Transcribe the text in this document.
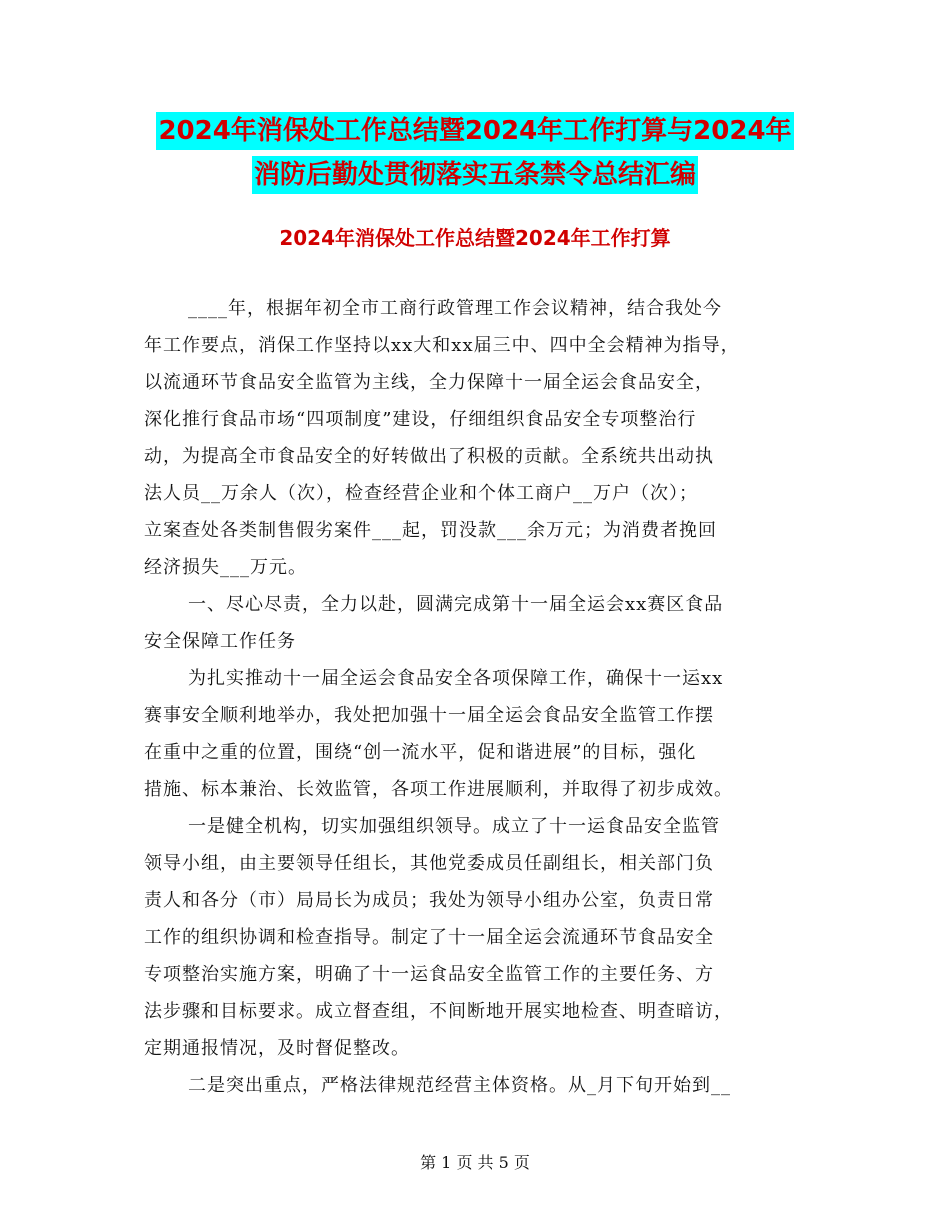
2024年消保处工作总结暨2024年工作打算与2024年
消防后勤处贯彻落实五条禁令总结汇编
2024年消保处工作总结暨2024年工作打算
____年，根据年初全市工商行政管理工作会议精神，结合我处今
年工作要点，消保工作坚持以xx大和xx届三中、四中全会精神为指导，
以流通环节食品安全监管为主线，全力保障十一届全运会食品安全，
深化推行食品市场“四项制度”建设，仔细组织食品安全专项整治行
动，为提高全市食品安全的好转做出了积极的贡献。全系统共出动执
法人员__万余人（次），检查经营企业和个体工商户__万户（次）；
立案查处各类制售假劣案件___起，罚没款___余万元；为消费者挽回
经济损失___万元。
一、尽心尽责，全力以赴，圆满完成第十一届全运会xx赛区食品
安全保障工作任务
为扎实推动十一届全运会食品安全各项保障工作，确保十一运xx
赛事安全顺利地举办，我处把加强十一届全运会食品安全监管工作摆
在重中之重的位置，围绕“创一流水平，促和谐进展”的目标，强化
措施、标本兼治、长效监管，各项工作进展顺利，并取得了初步成效。
一是健全机构，切实加强组织领导。成立了十一运食品安全监管
领导小组，由主要领导任组长，其他党委成员任副组长，相关部门负
责人和各分（市）局局长为成员；我处为领导小组办公室，负责日常
工作的组织协调和检查指导。制定了十一届全运会流通环节食品安全
专项整治实施方案，明确了十一运食品安全监管工作的主要任务、方
法步骤和目标要求。成立督查组，不间断地开展实地检查、明查暗访，
定期通报情况，及时督促整改。
二是突出重点，严格法律规范经营主体资格。从_月下旬开始到__
第 1 页 共 5 页
